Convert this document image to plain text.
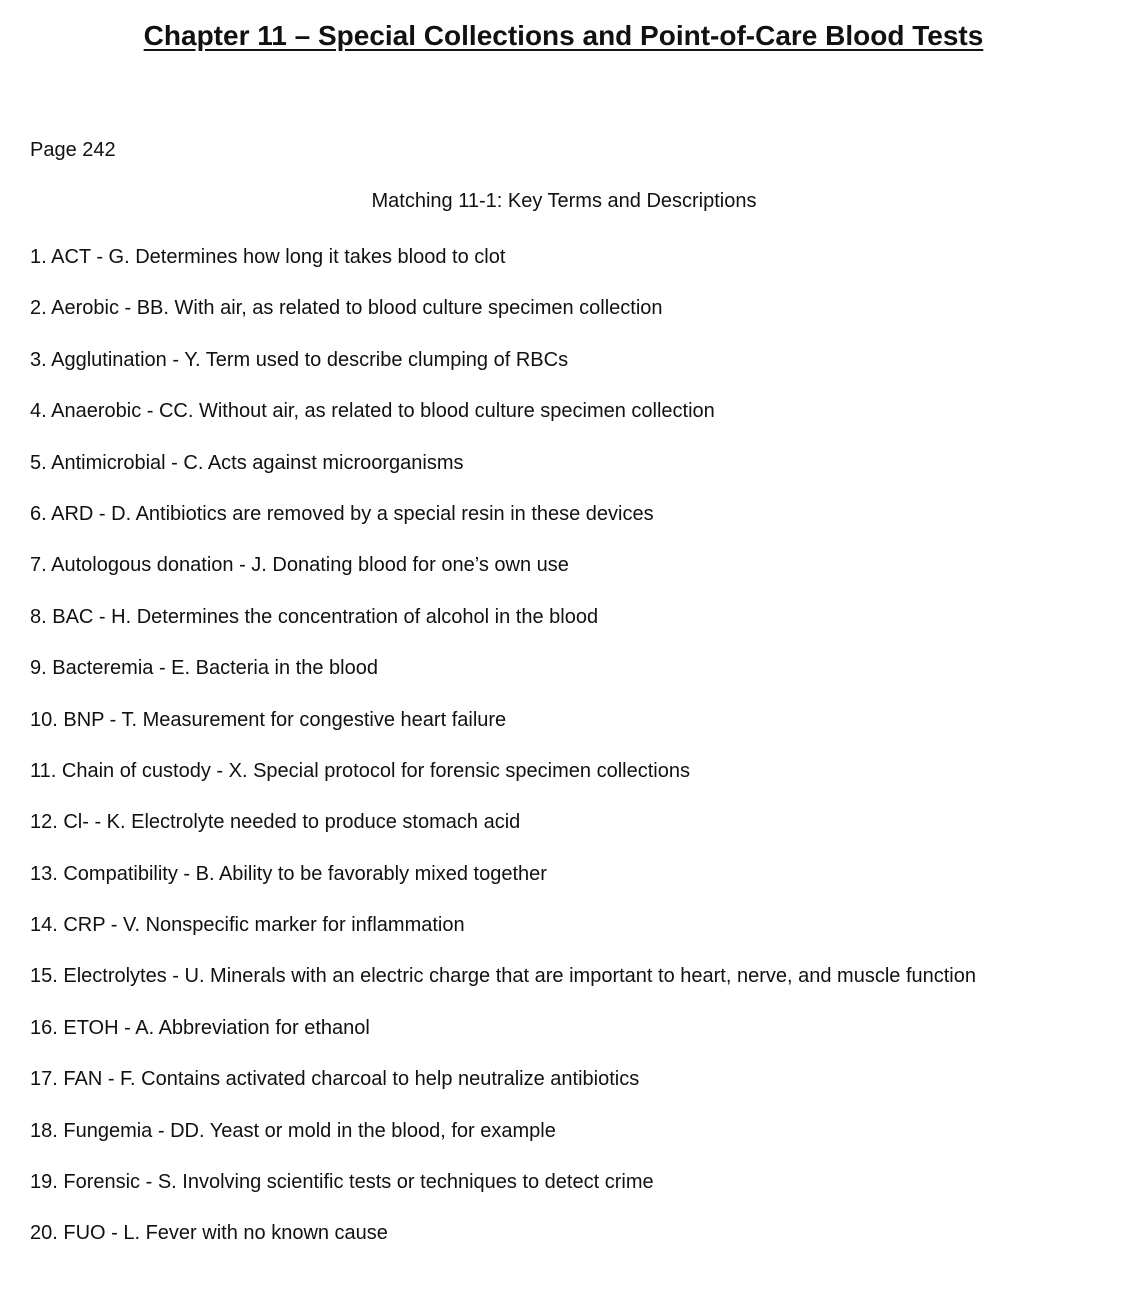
Chapter 11 – Special Collections and Point-of-Care Blood Tests
Page 242
Matching 11-1: Key Terms and Descriptions
1. ACT - G. Determines how long it takes blood to clot
2. Aerobic - BB. With air, as related to blood culture specimen collection
3. Agglutination - Y. Term used to describe clumping of RBCs
4. Anaerobic - CC. Without air, as related to blood culture specimen collection
5. Antimicrobial - C. Acts against microorganisms
6. ARD - D. Antibiotics are removed by a special resin in these devices
7. Autologous donation - J. Donating blood for one’s own use
8. BAC - H. Determines the concentration of alcohol in the blood
9. Bacteremia - E. Bacteria in the blood
10. BNP - T. Measurement for congestive heart failure
11. Chain of custody - X. Special protocol for forensic specimen collections
12. Cl- - K. Electrolyte needed to produce stomach acid
13. Compatibility - B. Ability to be favorably mixed together
14. CRP - V. Nonspecific marker for inflammation
15. Electrolytes - U. Minerals with an electric charge that are important to heart, nerve, and muscle function
16. ETOH - A. Abbreviation for ethanol
17. FAN - F. Contains activated charcoal to help neutralize antibiotics
18. Fungemia - DD. Yeast or mold in the blood, for example
19. Forensic - S. Involving scientific tests or techniques to detect crime
20. FUO - L. Fever with no known cause
